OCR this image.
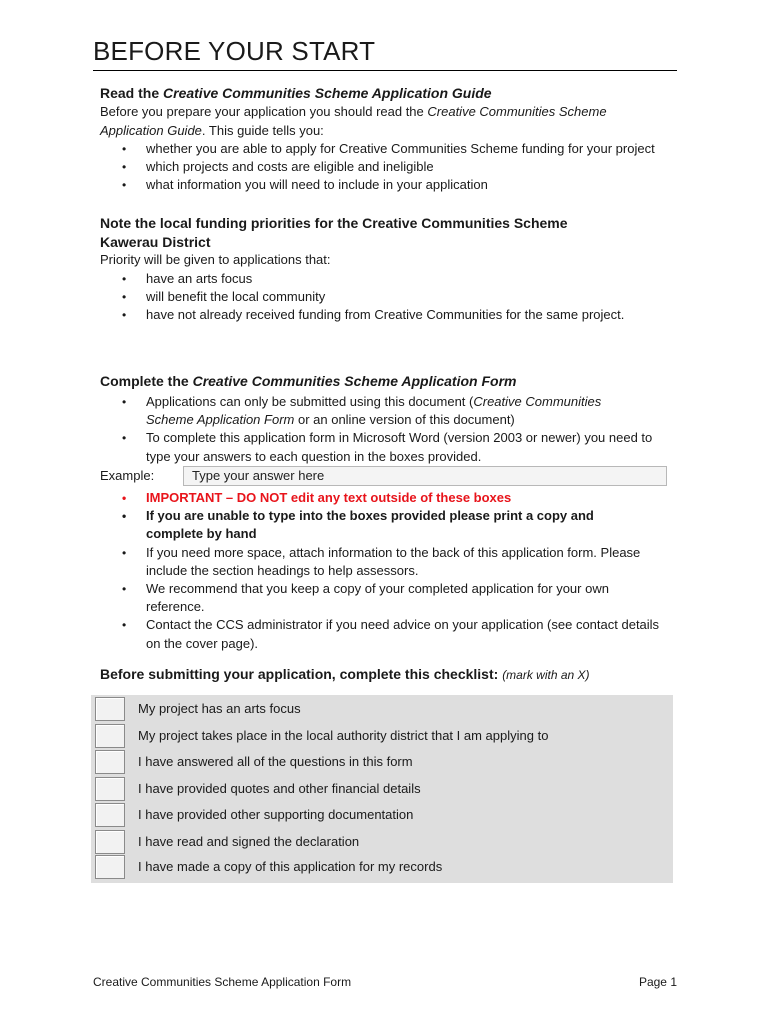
BEFORE YOUR START
Read the Creative Communities Scheme Application Guide

Before you prepare your application you should read the Creative Communities Scheme Application Guide. This guide tells you:

• whether you are able to apply for Creative Communities Scheme funding for your project
• which projects and costs are eligible and ineligible
• what information you will need to include in your application
Note the local funding priorities for the Creative Communities Scheme
Kawerau District

Priority will be given to applications that:

• have an arts focus
• will benefit the local community
• have not already received funding from Creative Communities for the same project.
Complete the Creative Communities Scheme Application Form
• Applications can only be submitted using this document (Creative Communities Scheme Application Form or an online version of this document)
• To complete this application form in Microsoft Word (version 2003 or newer) you need to type your answers to each question in the boxes provided.
Example:	Type your answer here
• IMPORTANT – DO NOT edit any text outside of these boxes
• If you are unable to type into the boxes provided please print a copy and complete by hand
• If you need more space, attach information to the back of this application form. Please include the section headings to help assessors.
• We recommend that you keep a copy of your completed application for your own reference.
• Contact the CCS administrator if you need advice on your application (see contact details on the cover page).
Before submitting your application, complete this checklist: (mark with an X)
My project has an arts focus
My project takes place in the local authority district that I am applying to
I have answered all of the questions in this form
I have provided quotes and other financial details
I have provided other supporting documentation
I have read and signed the declaration
I have made a copy of this application for my records
Creative Communities Scheme Application Form	Page 1
